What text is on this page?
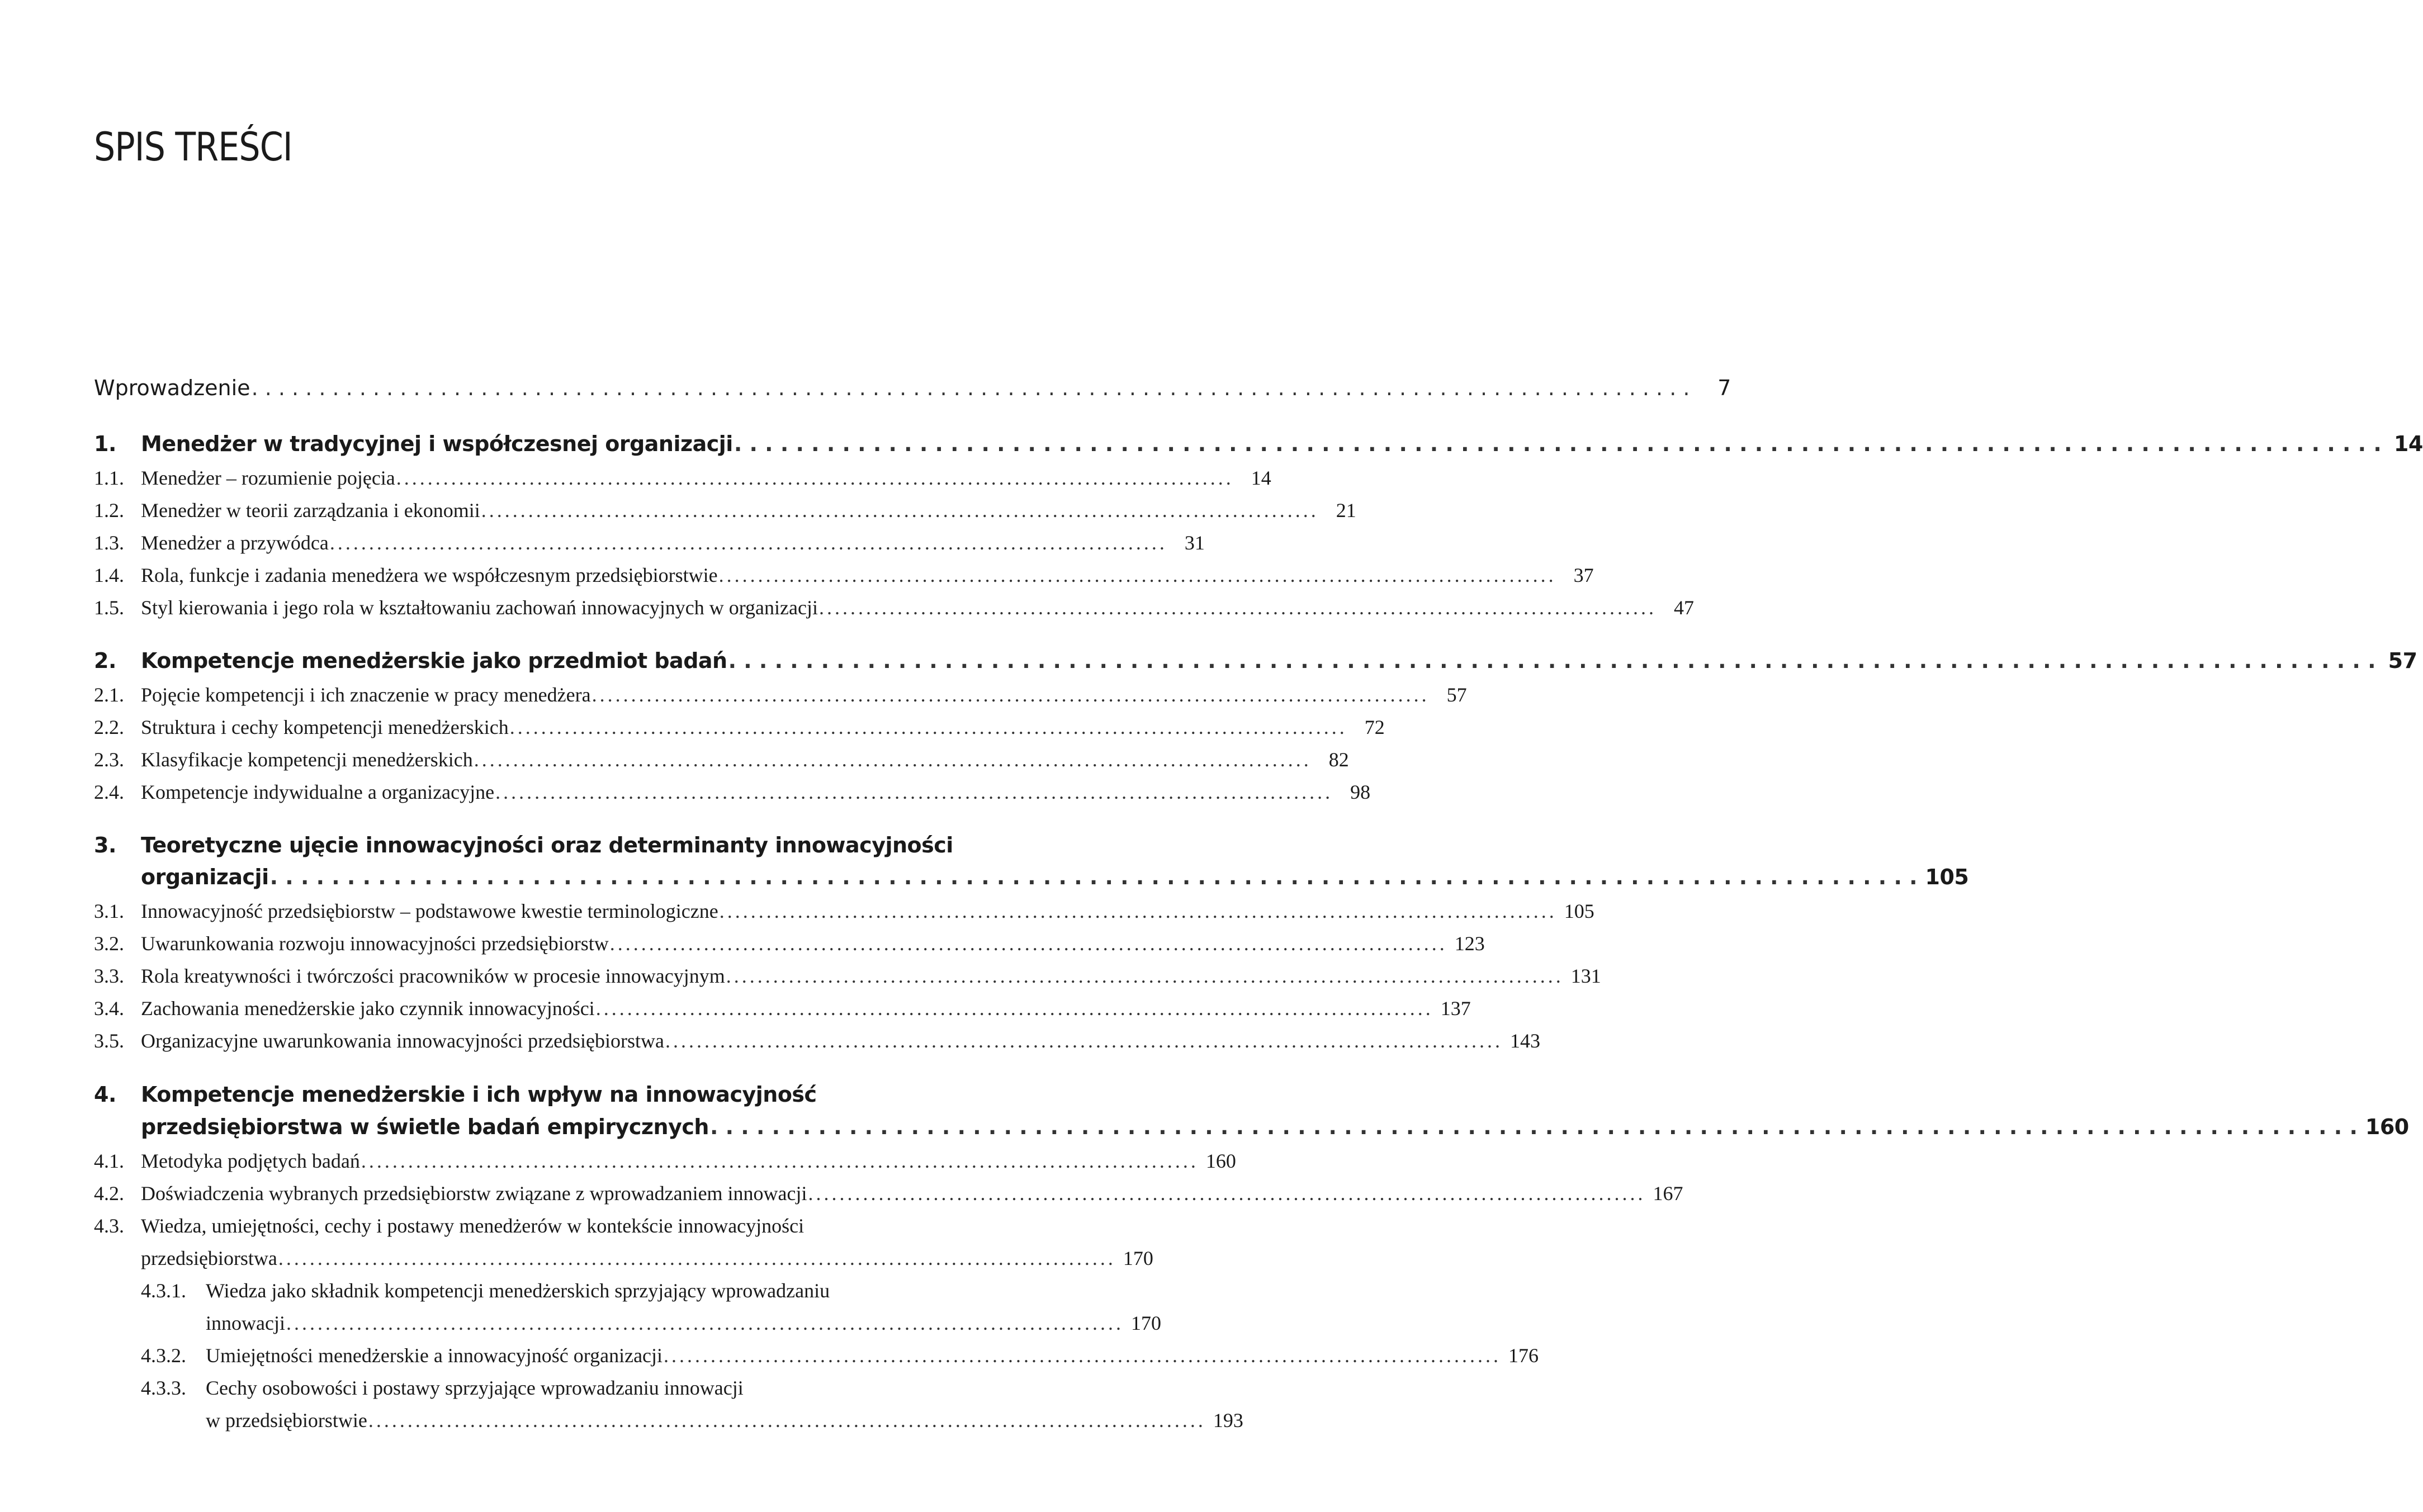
SPIS TREŚCI
Wprowadzenie . . .	7
1.	Menedżer w tradycyjnej i współczesnej organizacji . . .	14
1.1. Menedżer – rozumienie pojęcia . . .	14
1.2. Menedżer w teorii zarządzania i ekonomii . . .	21
1.3. Menedżer a przywódca . . .	31
1.4. Rola, funkcje i zadania menedżera we współczesnym przedsiębiorstwie . . .	37
1.5. Styl kierowania i jego rola w kształtowaniu zachowań innowacyjnych w organizacji . . .	47
2.	Kompetencje menedżerskie jako przedmiot badań . . .	57
2.1. Pojęcie kompetencji i ich znaczenie w pracy menedżera . . .	57
2.2. Struktura i cechy kompetencji menedżerskich . . .	72
2.3. Klasyfikacje kompetencji menedżerskich . . .	82
2.4. Kompetencje indywidualne a organizacyjne . . .	98
3. Teoretyczne ujęcie innowacyjności oraz determinanty innowacyjności
organizacji . . .	105
3.1. Innowacyjność przedsiębiorstw – podstawowe kwestie terminologiczne . . .	105
3.2. Uwarunkowania rozwoju innowacyjności przedsiębiorstw . . .	123
3.3. Rola kreatywności i twórczości pracowników w procesie innowacyjnym . . .	131
3.4. Zachowania menedżerskie jako czynnik innowacyjności . . .	137
3.5. Organizacyjne uwarunkowania innowacyjności przedsiębiorstwa . . .	143
4. Kompetencje menedżerskie i ich wpływ na innowacyjność
przedsiębiorstwa w świetle badań empirycznych . . .	160
4.1. Metodyka podjętych badań . . .	160
4.2. Doświadczenia wybranych przedsiębiorstw związane z wprowadzaniem innowacji . . .	167
4.3. Wiedza, umiejętności, cechy i postawy menedżerów w kontekście innowacyjności
przedsiębiorstwa . . .	170
4.3.1. Wiedza jako składnik kompetencji menedżerskich sprzyjający wprowadzaniu
innowacji . . .	170
4.3.2. Umiejętności menedżerskie a innowacyjność organizacji . . .	176
4.3.3. Cechy osobowości i postawy sprzyjające wprowadzaniu innowacji
w przedsiębiorstwie . . .	193
